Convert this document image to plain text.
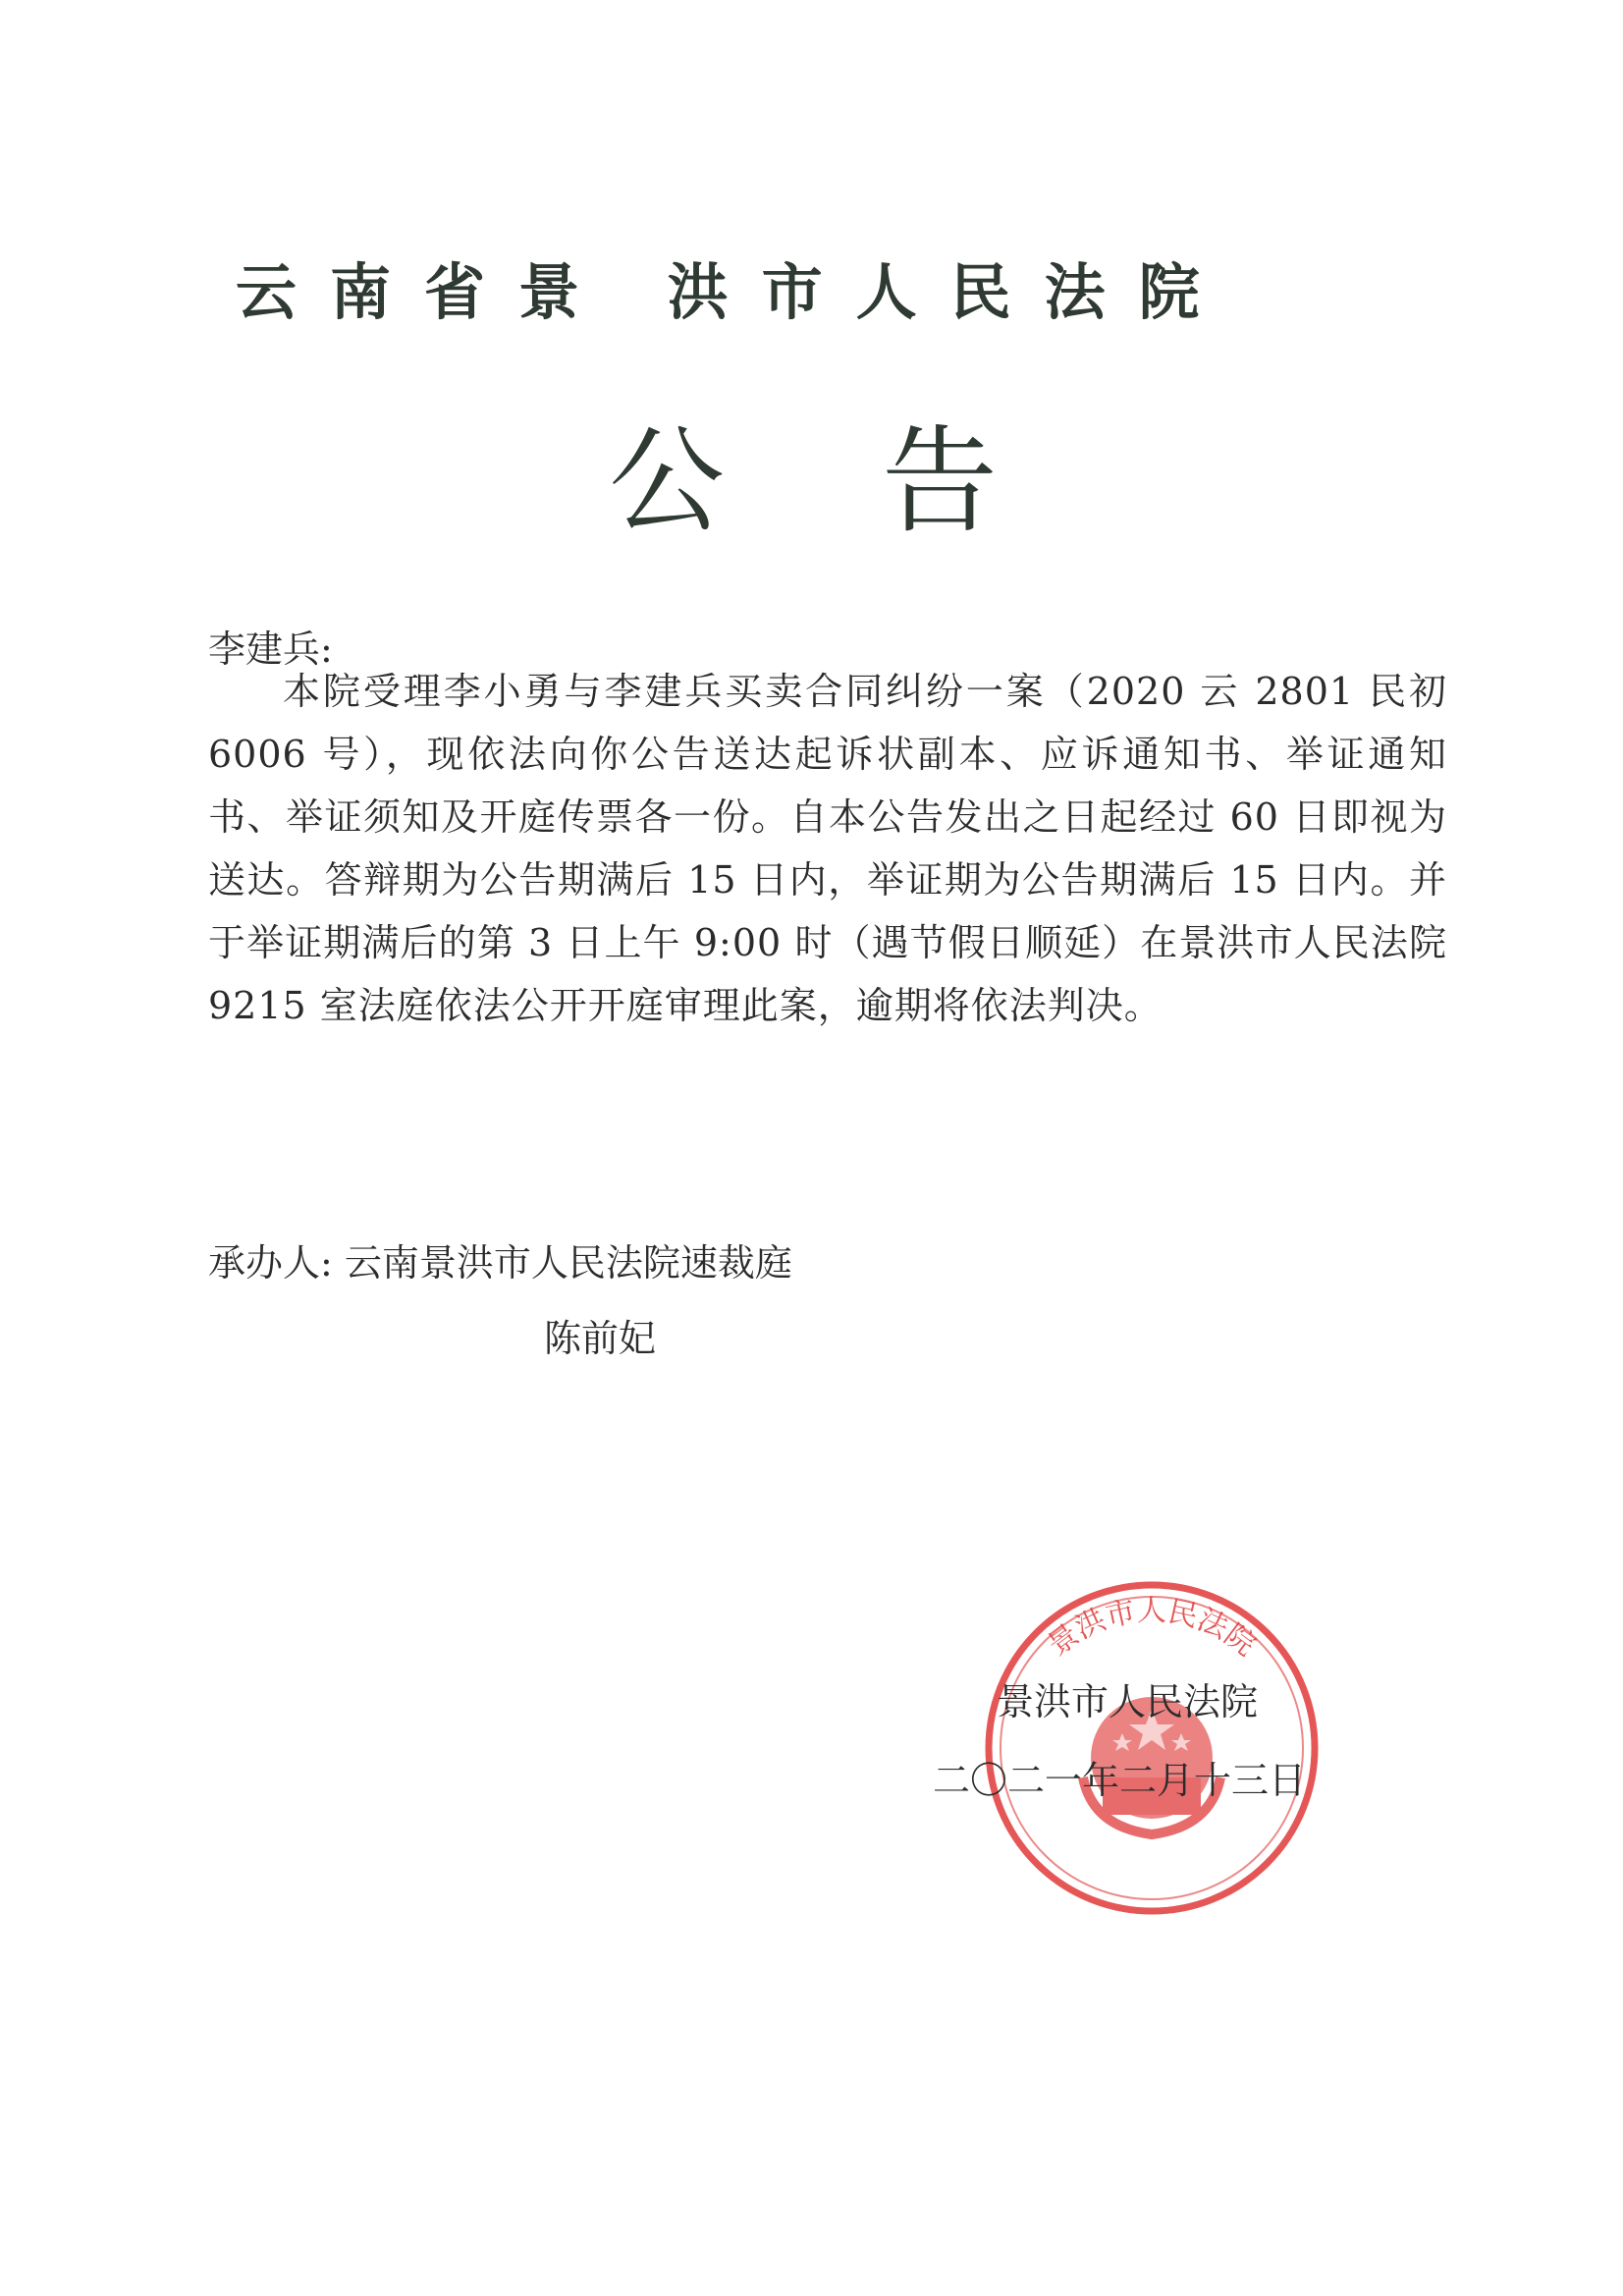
云南省景 洪市人民法院
公告
李建兵:
本院受理李小勇与李建兵买卖合同纠纷一案（2020 云 2801 民初 6006 号），现依法向你公告送达起诉状副本、应诉通知书、举证通知书、举证须知及开庭传票各一份。自本公告发出之日起经过 60 日即视为送达。答辩期为公告期满后 15 日内，举证期为公告期满后 15 日内。并于举证期满后的第 3 日上午 9:00 时（遇节假日顺延）在景洪市人民法院 9215 室法庭依法公开开庭审理此案，逾期将依法判决。
承办人: 云南景洪市人民法院速裁庭
陈前妃
景洪市人民法院
景洪市人民法院
二〇二一年二月十三日
